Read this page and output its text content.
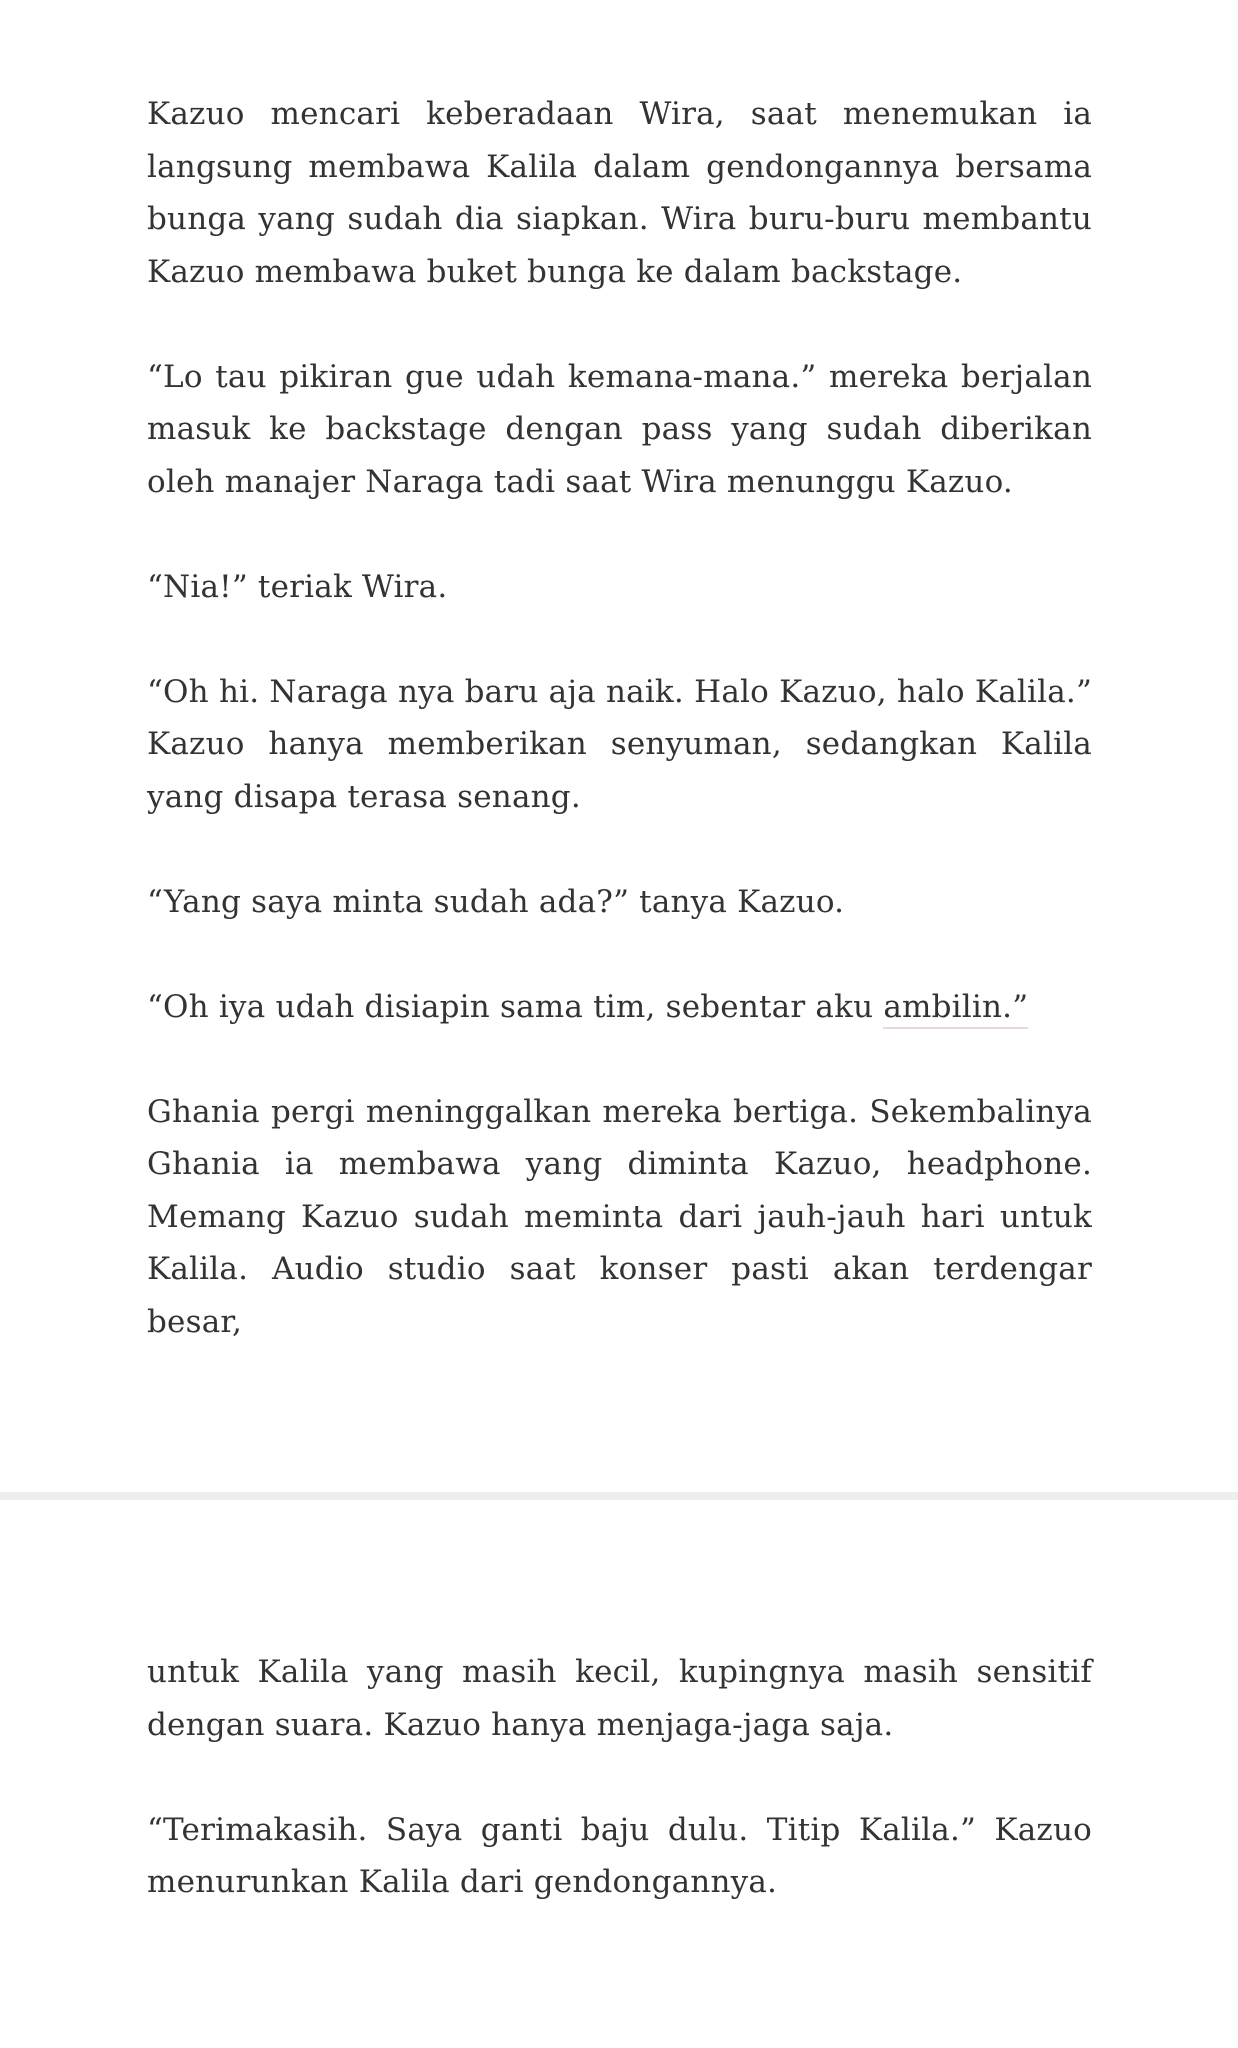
Kazuo mencari keberadaan Wira, saat menemukan ia langsung membawa Kalila dalam gendongannya bersama bunga yang sudah dia siapkan. Wira buru-buru membantu Kazuo membawa buket bunga ke dalam backstage.

“Lo tau pikiran gue udah kemana-mana.” mereka berjalan masuk ke backstage dengan pass yang sudah diberikan oleh manajer Naraga tadi saat Wira menunggu Kazuo.

“Nia!” teriak Wira.

“Oh hi. Naraga nya baru aja naik. Halo Kazuo, halo Kalila.” Kazuo hanya memberikan senyuman, sedangkan Kalila yang disapa terasa senang.

“Yang saya minta sudah ada?” tanya Kazuo.

“Oh iya udah disiapin sama tim, sebentar aku ambilin.”

Ghania pergi meninggalkan mereka bertiga. Sekembalinya Ghania ia membawa yang diminta Kazuo, headphone. Memang Kazuo sudah meminta dari jauh-jauh hari untuk Kalila. Audio studio saat konser pasti akan terdengar besar,

untuk Kalila yang masih kecil, kupingnya masih sensitif dengan suara. Kazuo hanya menjaga-jaga saja.

“Terimakasih. Saya ganti baju dulu. Titip Kalila.” Kazuo menurunkan Kalila dari gendongannya.
